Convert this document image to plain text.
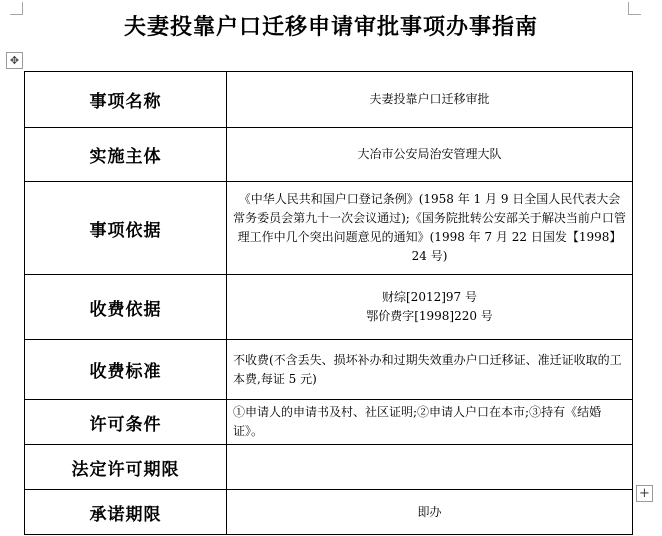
夫妻投靠户口迁移申请审批事项办事指南
✥
事项名称	夫妻投靠户口迁移审批

实施主体	大冶市公安局治安管理大队

事项依据	《中华人民共和国户口登记条例》(1958 年 1 月 9 日全国人民代表大会常务委员会第九十一次会议通过);《国务院批转公安部关于解决当前户口管理工作中几个突出问题意见的通知》(1998 年 7 月 22 日国发【1998】24 号)

收费依据	财综[2012]97 号
鄂价费字[1998]220 号

收费标准	不收费(不含丢失、损坏补办和过期失效重办户口迁移证、准迁证收取的工本费,每证 5 元)

许可条件	①申请人的申请书及村、社区证明;②申请人户口在本市;③持有《结婚证》。

法定许可期限	

承诺期限	即办
+
